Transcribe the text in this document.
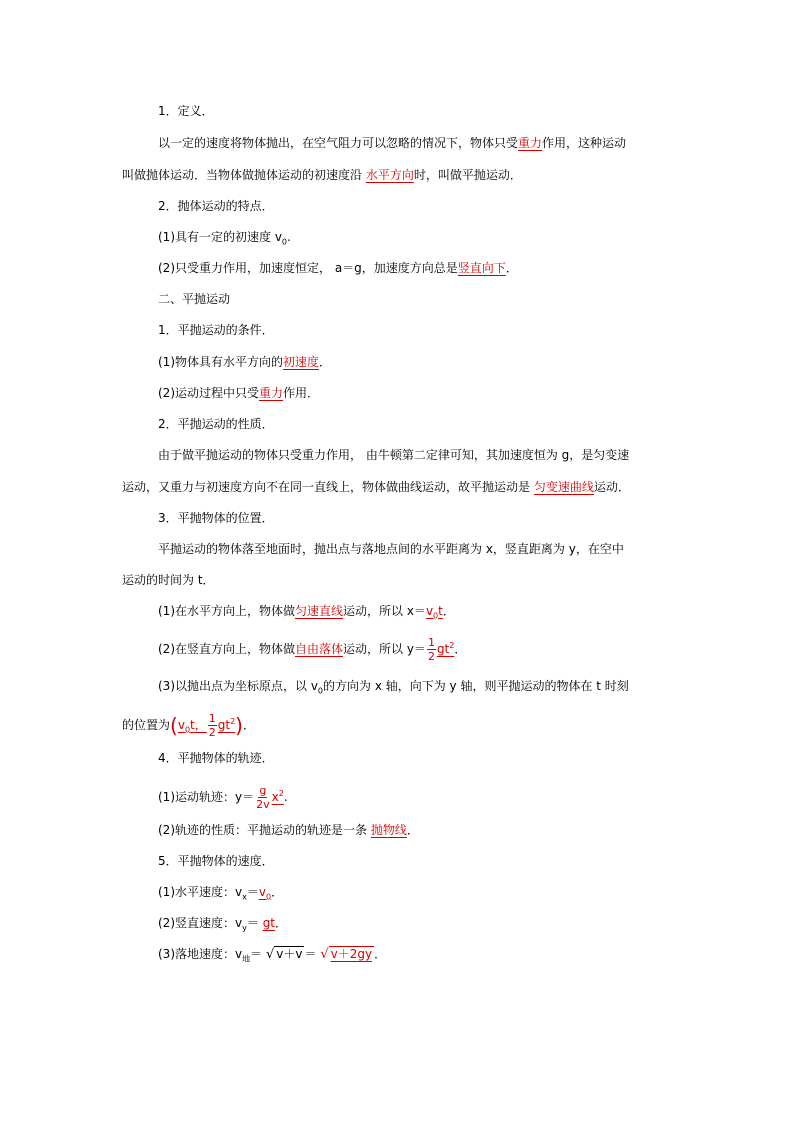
1．定义．
以一定的速度将物体抛出，在空气阻力可以忽略的情况下，物体只受重力作用，这种运动
叫做抛体运动．当物体做抛体运动的初速度沿 水平方向时，叫做平抛运动．
2．抛体运动的特点．
(1)具有一定的初速度 $v_0$.
(2)只受重力作用，加速度恒定， a＝g，加速度方向总是竖直向下．
二、平抛运动
1．平抛运动的条件．
(1)物体具有水平方向的初速度．
(2)运动过程中只受重力作用．
2．平抛运动的性质．
由于做平抛运动的物体只受重力作用， 由牛顿第二定律可知，其加速度恒为 g，是匀变速
运动，又重力与初速度方向不在同一直线上，物体做曲线运动，故平抛运动是 匀变速曲线运动．
3．平抛物体的位置．
平抛运动的物体落至地面时，抛出点与落地点间的水平距离为 x，竖直距离为 y，在空中
运动的时间为 t．
(1)在水平方向上，物体做匀速直线运动，所以 $x=v_0t$．
(2)在竖直方向上，物体做自由落体运动，所以 $y= \frac{1}{2} gt^2$．
(3)以抛出点为坐标原点，以 $v_0$的方向为 x 轴，向下为 y 轴，则平抛运动的物体在 t 时刻
的位置为($v_0t$， $\frac{1}{2} gt^2$)．
4．平抛物体的轨迹．
(1)运动轨迹：$y= \frac{g}{2v} x^2$.
(2)轨迹的性质：平抛运动的轨迹是一条 抛物线．
5．平抛物体的速度．
(1)水平速度：$v_x=v_0$．
(2)竖直速度：$v_y=$ gt．
(3)落地速度：$v_地=$ √ v＋v ＝ √ v＋2gy ．
